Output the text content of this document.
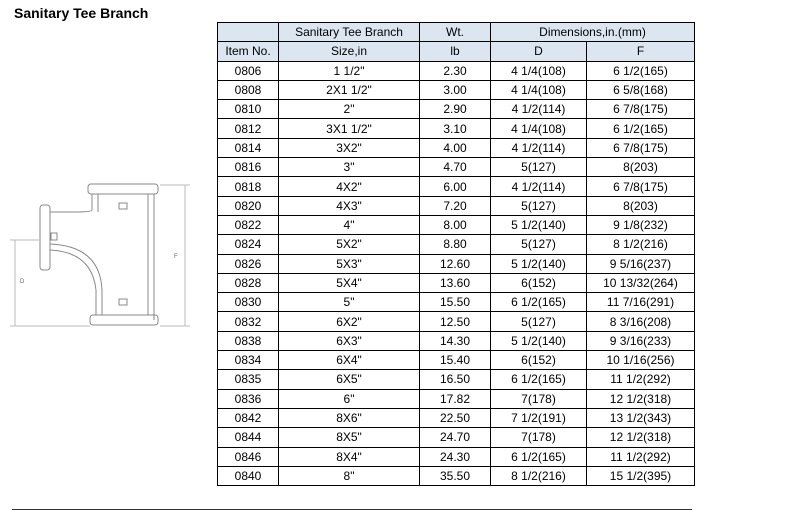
Sanitary Tee Branch
D
F
	Sanitary Tee Branch	Wt.	Dimensions,in.(mm)	
Item No.	Size,in	lb	D	F
0806	1 1/2"	2.30	4 1/4(108)	6 1/2(165)
0808	2X1 1/2"	3.00	4 1/4(108)	6 5/8(168)
0810	2"	2.90	4 1/2(114)	6 7/8(175)
0812	3X1 1/2"	3.10	4 1/4(108)	6 1/2(165)
0814	3X2"	4.00	4 1/2(114)	6 7/8(175)
0816	3"	4.70	5(127)	8(203)
0818	4X2"	6.00	4 1/2(114)	6 7/8(175)
0820	4X3"	7.20	5(127)	8(203)
0822	4"	8.00	5 1/2(140)	9 1/8(232)
0824	5X2"	8.80	5(127)	8 1/2(216)
0826	5X3"	12.60	5 1/2(140)	9 5/16(237)
0828	5X4"	13.60	6(152)	10 13/32(264)
0830	5"	15.50	6 1/2(165)	11 7/16(291)
0832	6X2"	12.50	5(127)	8 3/16(208)
0838	6X3"	14.30	5 1/2(140)	9 3/16(233)
0834	6X4"	15.40	6(152)	10 1/16(256)
0835	6X5"	16.50	6 1/2(165)	11 1/2(292)
0836	6"	17.82	7(178)	12 1/2(318)
0842	8X6"	22.50	7 1/2(191)	13 1/2(343)
0844	8X5"	24.70	7(178)	12 1/2(318)
0846	8X4"	24.30	6 1/2(165)	11 1/2(292)
0840	8"	35.50	8 1/2(216)	15 1/2(395)
